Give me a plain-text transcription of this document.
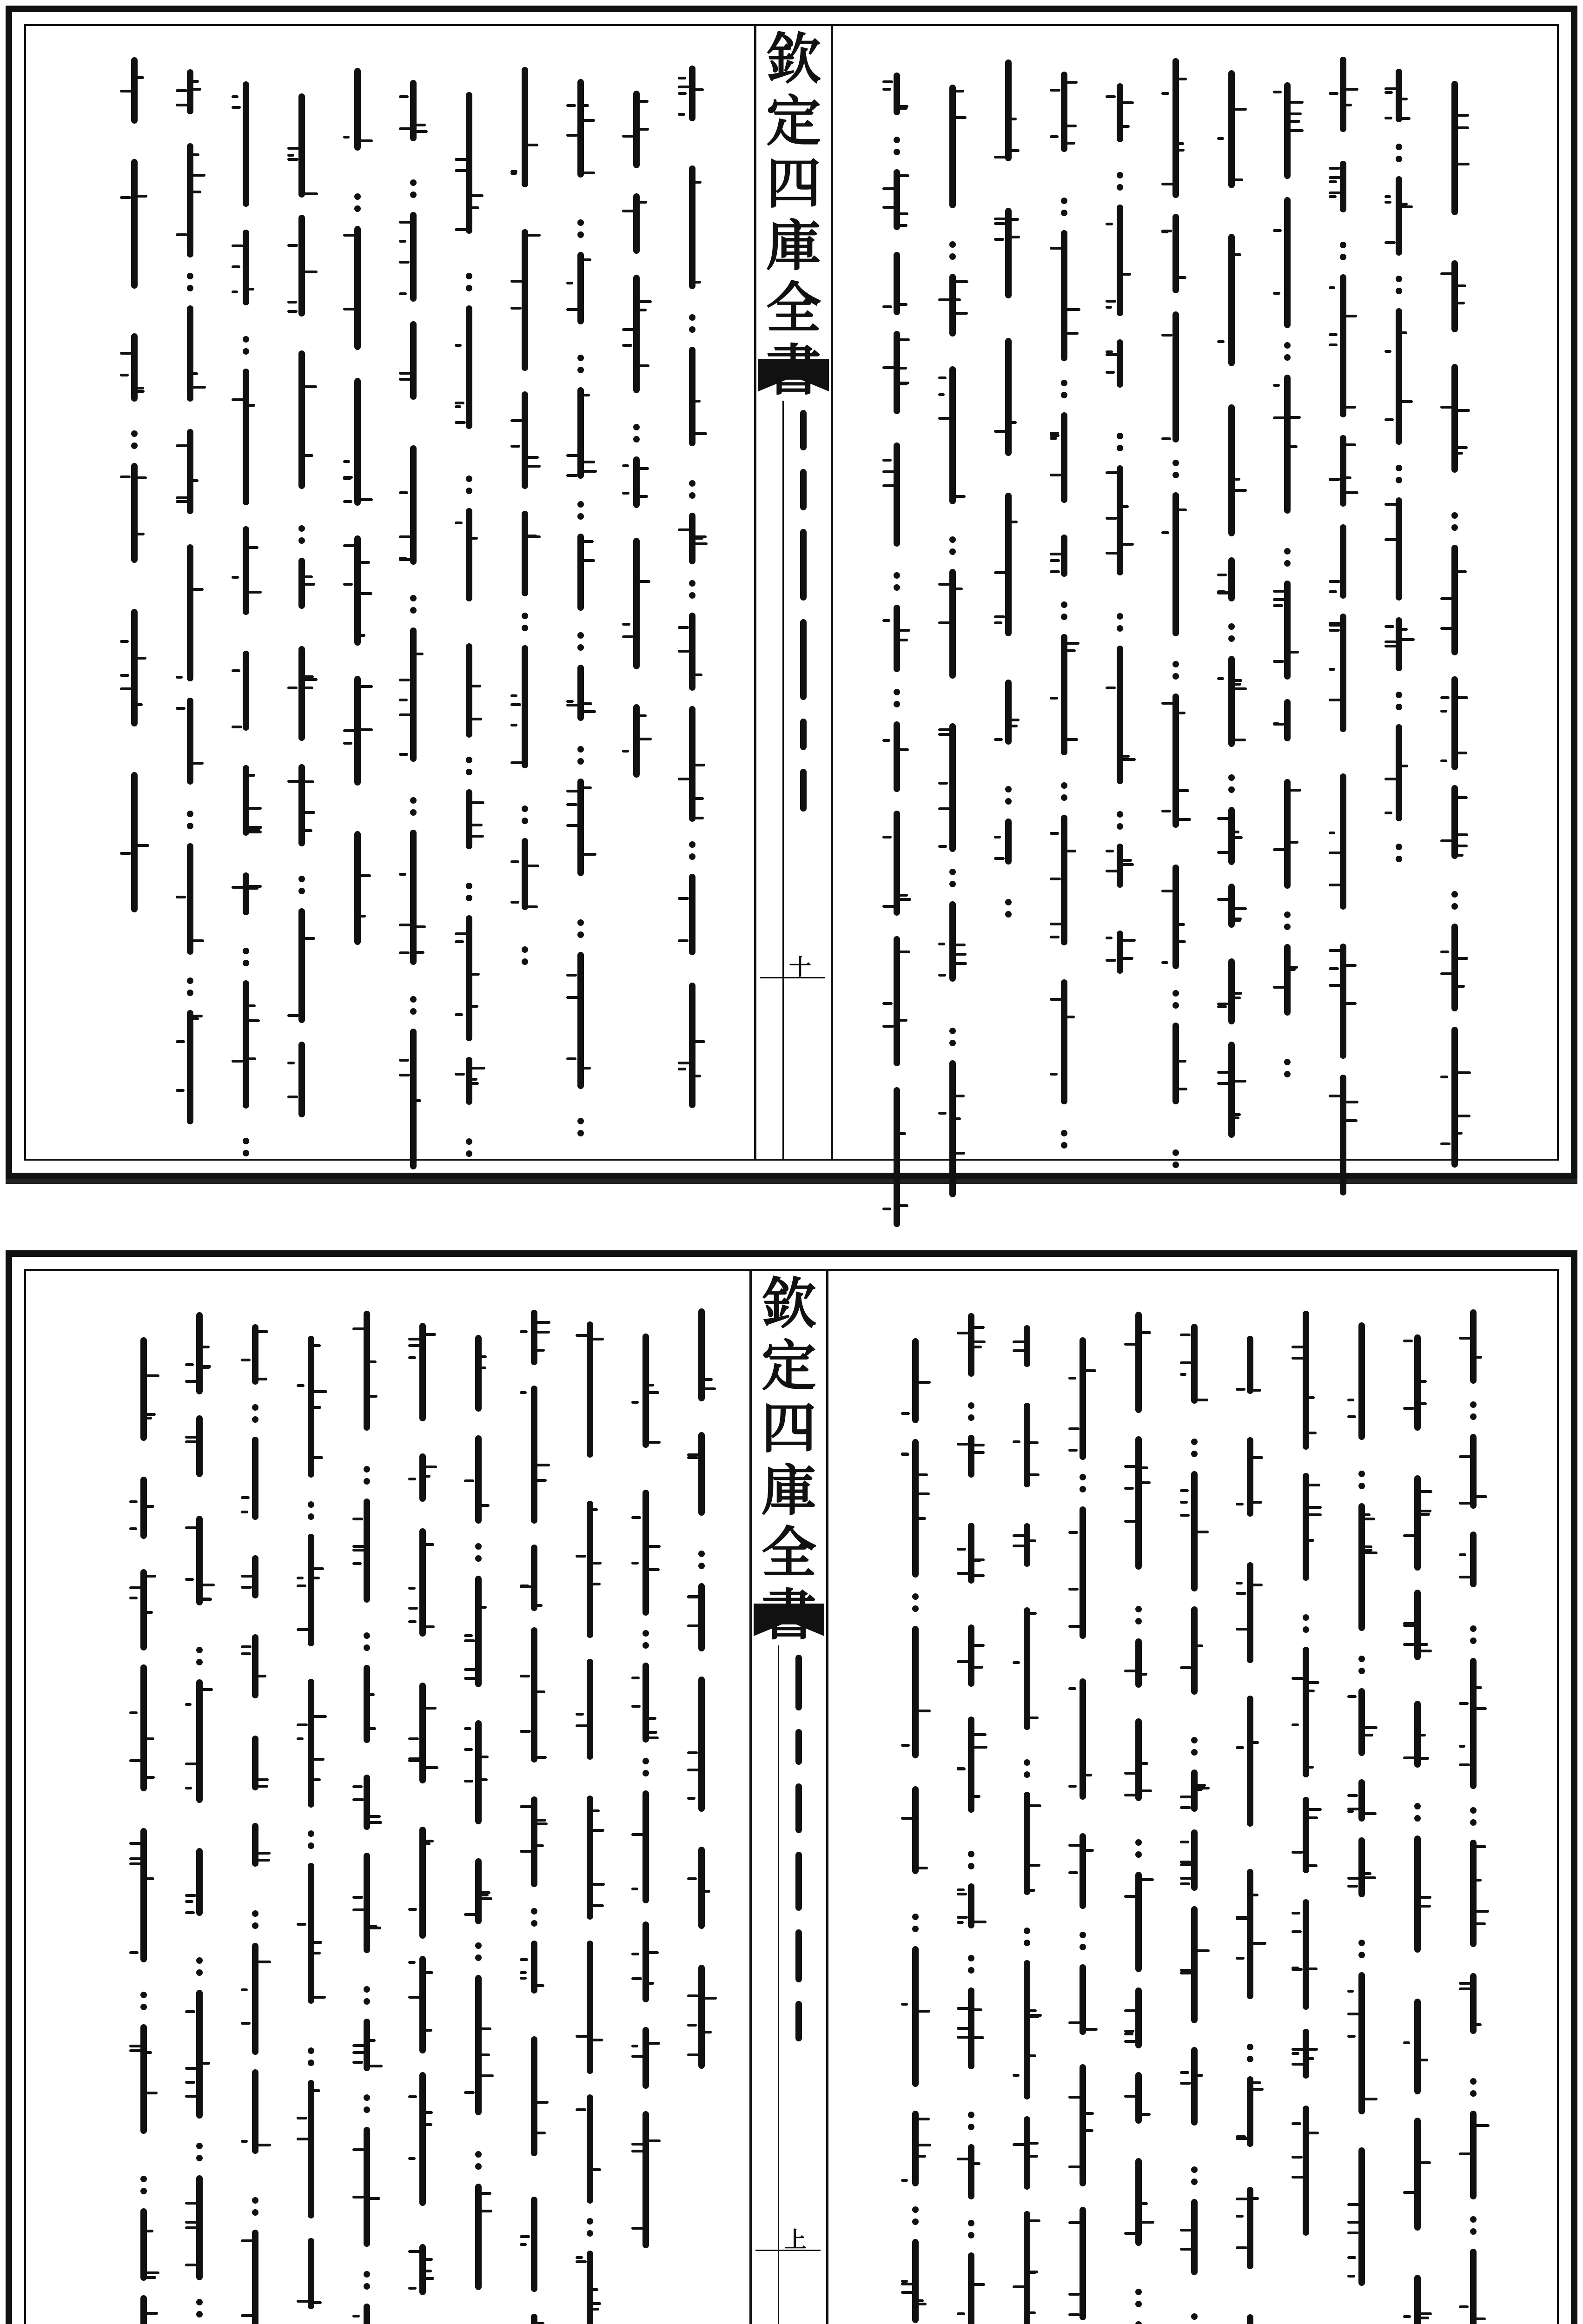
欽
定
四
庫
全
十
欽
定
四
庫
全
上
